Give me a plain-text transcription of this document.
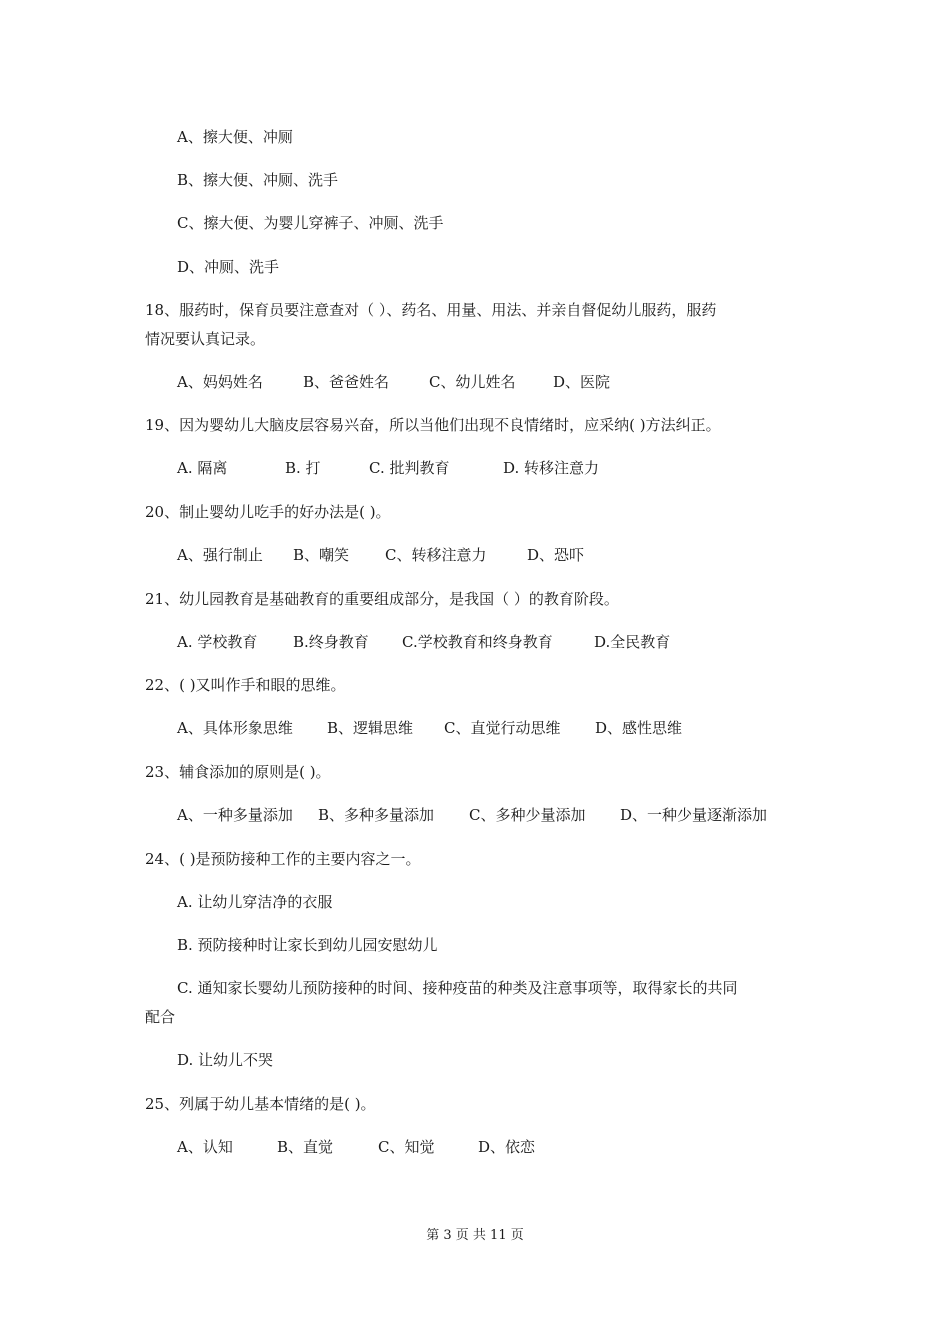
A、擦大便、冲厕
B、擦大便、冲厕、洗手
C、擦大便、为婴儿穿裤子、冲厕、洗手
D、冲厕、洗手
18、服药时，保育员要注意查对（ ）、药名、用量、用法、并亲自督促幼儿服药，服药
情况要认真记录。
A、妈妈姓名	B、爸爸姓名	C、幼儿姓名	D、医院
19、因为婴幼儿大脑皮层容易兴奋，所以当他们出现不良情绪时，应采纳( )方法纠正。
A. 隔离	B. 打	C. 批判教育	D. 转移注意力
20、制止婴幼儿吃手的好办法是( )。
A、强行制止 B、嘲笑 C、转移注意力	D、恐吓
21、幼儿园教育是基础教育的重要组成部分，是我国（ ）的教育阶段。
A. 学校教育 B.终身教育 C.学校教育和终身教育	D.全民教育
22、( )又叫作手和眼的思维。
A、具体形象思维 B、逻辑思维 C、直觉行动思维 D、感性思维
23、辅食添加的原则是( )。
A、一种多量添加 B、多种多量添加 C、多种少量添加 D、一种少量逐渐添加
24、( )是预防接种工作的主要内容之一。
A. 让幼儿穿洁净的衣服
B. 预防接种时让家长到幼儿园安慰幼儿
C. 通知家长婴幼儿预防接种的时间、接种疫苗的种类及注意事项等，取得家长的共同
配合
D. 让幼儿不哭
25、列属于幼儿基本情绪的是( )。
A、认知	B、直觉	C、知觉	D、依恋
第 3 页 共 11 页
